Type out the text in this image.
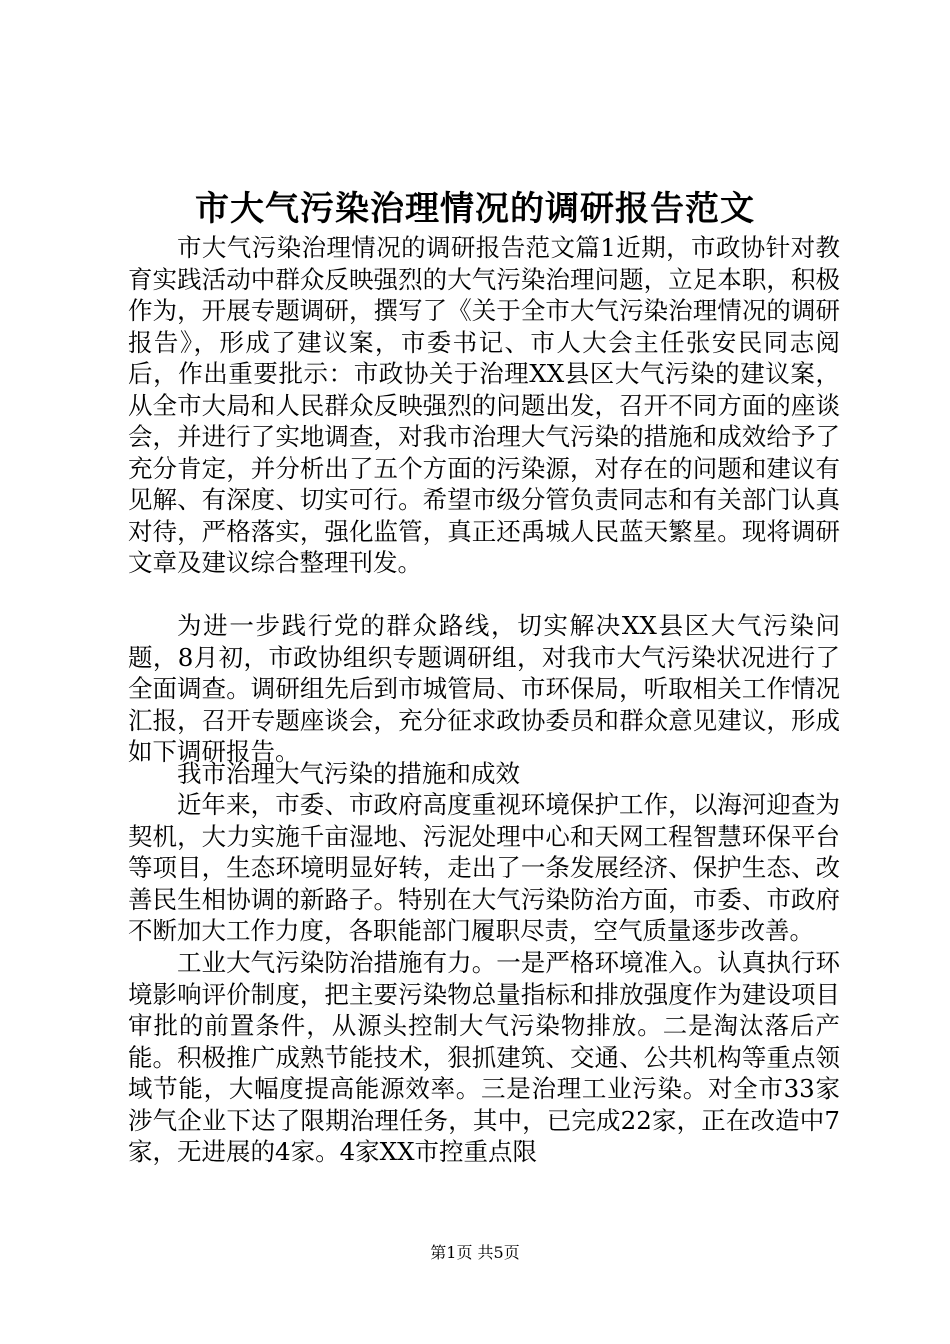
市大气污染治理情况的调研报告范文

市大气污染治理情况的调研报告范文篇1近期，市政协针对教育实践活动中群众反映强烈的大气污染治理问题，立足本职，积极作为，开展专题调研，撰写了《关于全市大气污染治理情况的调研报告》，形成了建议案，市委书记、市人大会主任张安民同志阅后，作出重要批示：市政协关于治理XX县区大气污染的建议案，从全市大局和人民群众反映强烈的问题出发，召开不同方面的座谈会，并进行了实地调查，对我市治理大气污染的措施和成效给予了充分肯定，并分析出了五个方面的污染源，对存在的问题和建议有见解、有深度、切实可行。希望市级分管负责同志和有关部门认真对待，严格落实，强化监管，真正还禹城人民蓝天繁星。现将调研文章及建议综合整理刊发。

为进一步践行党的群众路线，切实解决XX县区大气污染问题，8月初，市政协组织专题调研组，对我市大气污染状况进行了全面调查。调研组先后到市城管局、市环保局，听取相关工作情况汇报，召开专题座谈会，充分征求政协委员和群众意见建议，形成如下调研报告。

我市治理大气污染的措施和成效

近年来，市委、市政府高度重视环境保护工作，以海河迎查为契机，大力实施千亩湿地、污泥处理中心和天网工程智慧环保平台等项目，生态环境明显好转，走出了一条发展经济、保护生态、改善民生相协调的新路子。特别在大气污染防治方面，市委、市政府不断加大工作力度，各职能部门履职尽责，空气质量逐步改善。

工业大气污染防治措施有力。一是严格环境准入。认真执行环境影响评价制度，把主要污染物总量指标和排放强度作为建设项目审批的前置条件，从源头控制大气污染物排放。二是淘汰落后产能。积极推广成熟节能技术，狠抓建筑、交通、公共机构等重点领域节能，大幅度提高能源效率。三是治理工业污染。对全市33家涉气企业下达了限期治理任务，其中，已完成22家，正在改造中7家，无进展的4家。4家XX市控重点限

第1页 共5页
